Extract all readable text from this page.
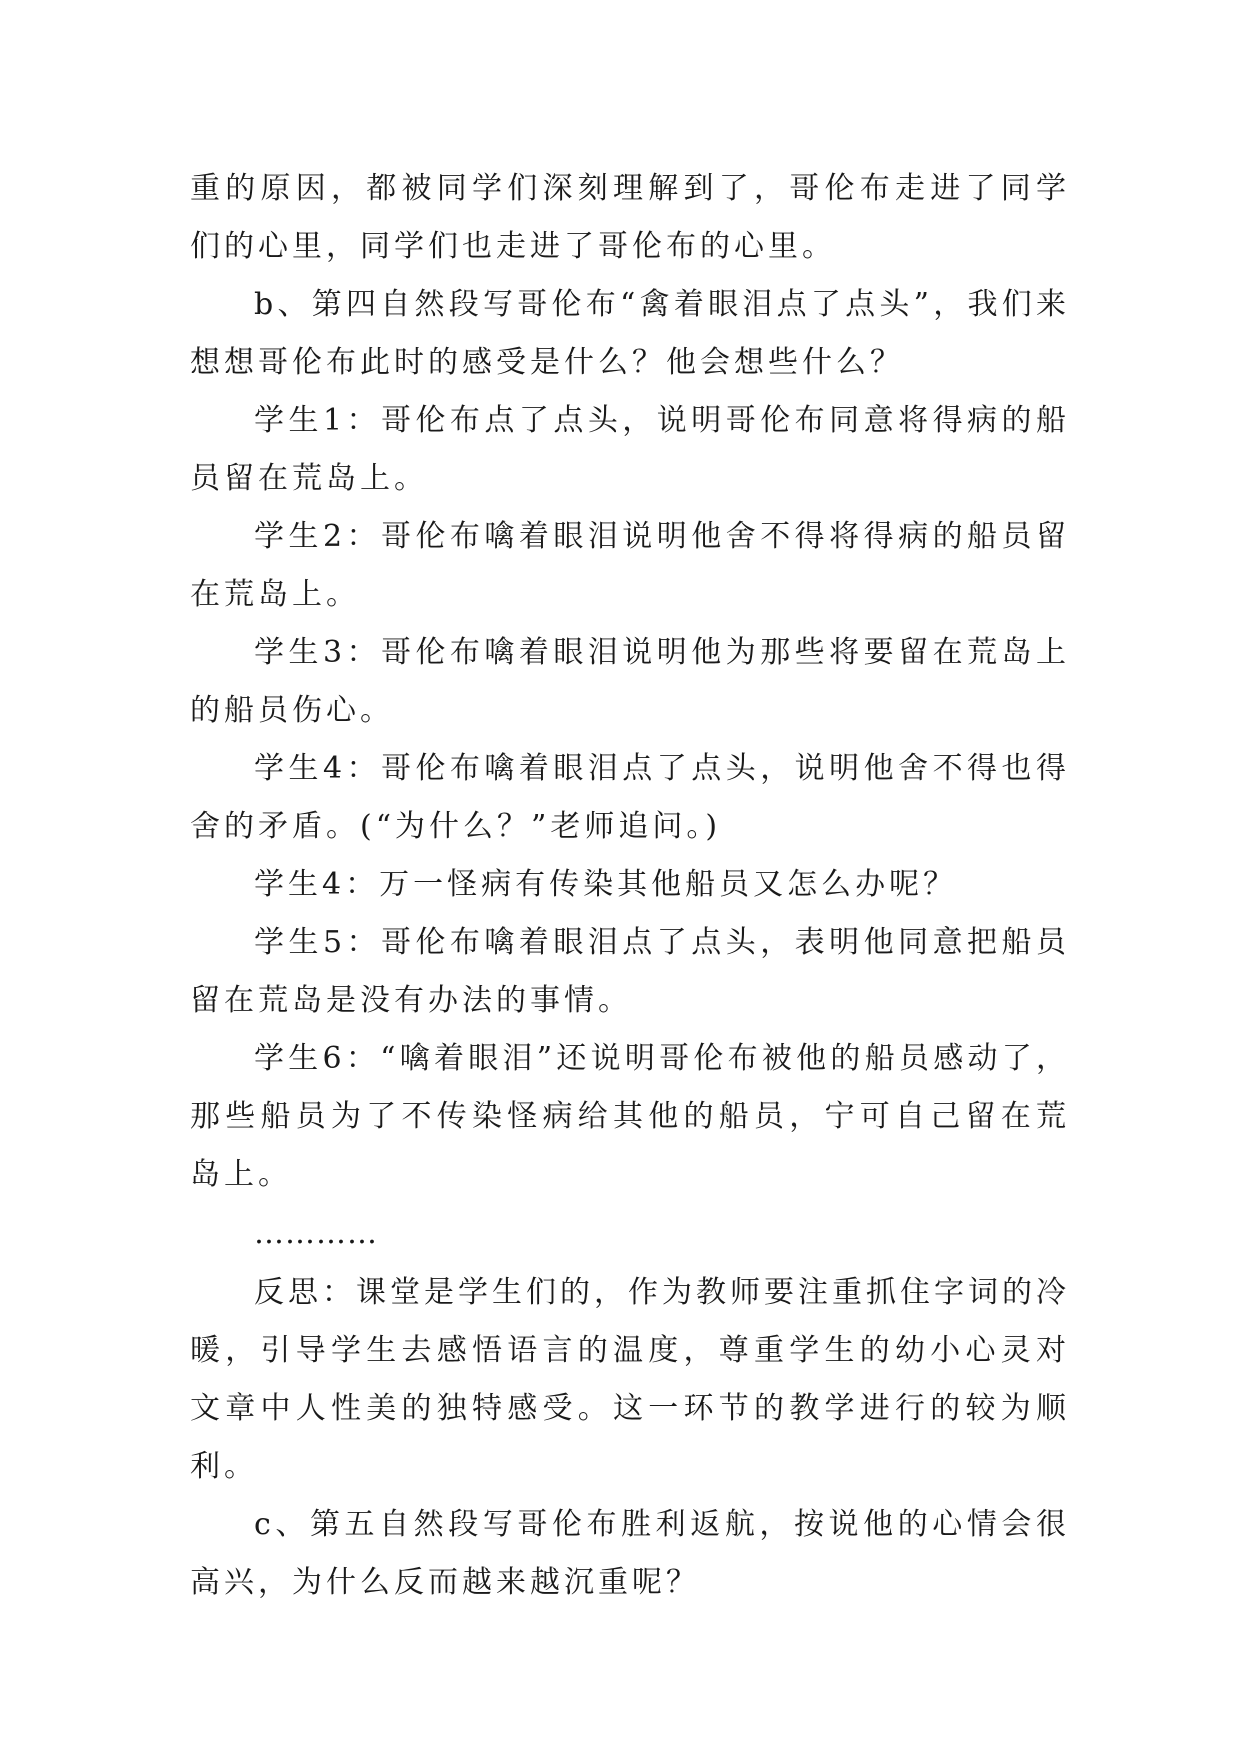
重的原因，都被同学们深刻理解到了，哥伦布走进了同学们的心里，同学们也走进了哥伦布的心里。

b、第四自然段写哥伦布“禽着眼泪点了点头”，我们来想想哥伦布此时的感受是什么？他会想些什么？

学生1：哥伦布点了点头，说明哥伦布同意将得病的船员留在荒岛上。

学生2：哥伦布噙着眼泪说明他舍不得将得病的船员留在荒岛上。

学生3：哥伦布噙着眼泪说明他为那些将要留在荒岛上的船员伤心。

学生4：哥伦布噙着眼泪点了点头，说明他舍不得也得舍的矛盾。(“为什么？”老师追问。)

学生4：万一怪病有传染其他船员又怎么办呢？

学生5：哥伦布噙着眼泪点了点头，表明他同意把船员留在荒岛是没有办法的事情。

学生6：“噙着眼泪”还说明哥伦布被他的船员感动了，那些船员为了不传染怪病给其他的船员，宁可自己留在荒岛上。

…………

反思：课堂是学生们的，作为教师要注重抓住字词的冷暖，引导学生去感悟语言的温度，尊重学生的幼小心灵对文章中人性美的独特感受。这一环节的教学进行的较为顺利。

c、第五自然段写哥伦布胜利返航，按说他的心情会很高兴，为什么反而越来越沉重呢？
